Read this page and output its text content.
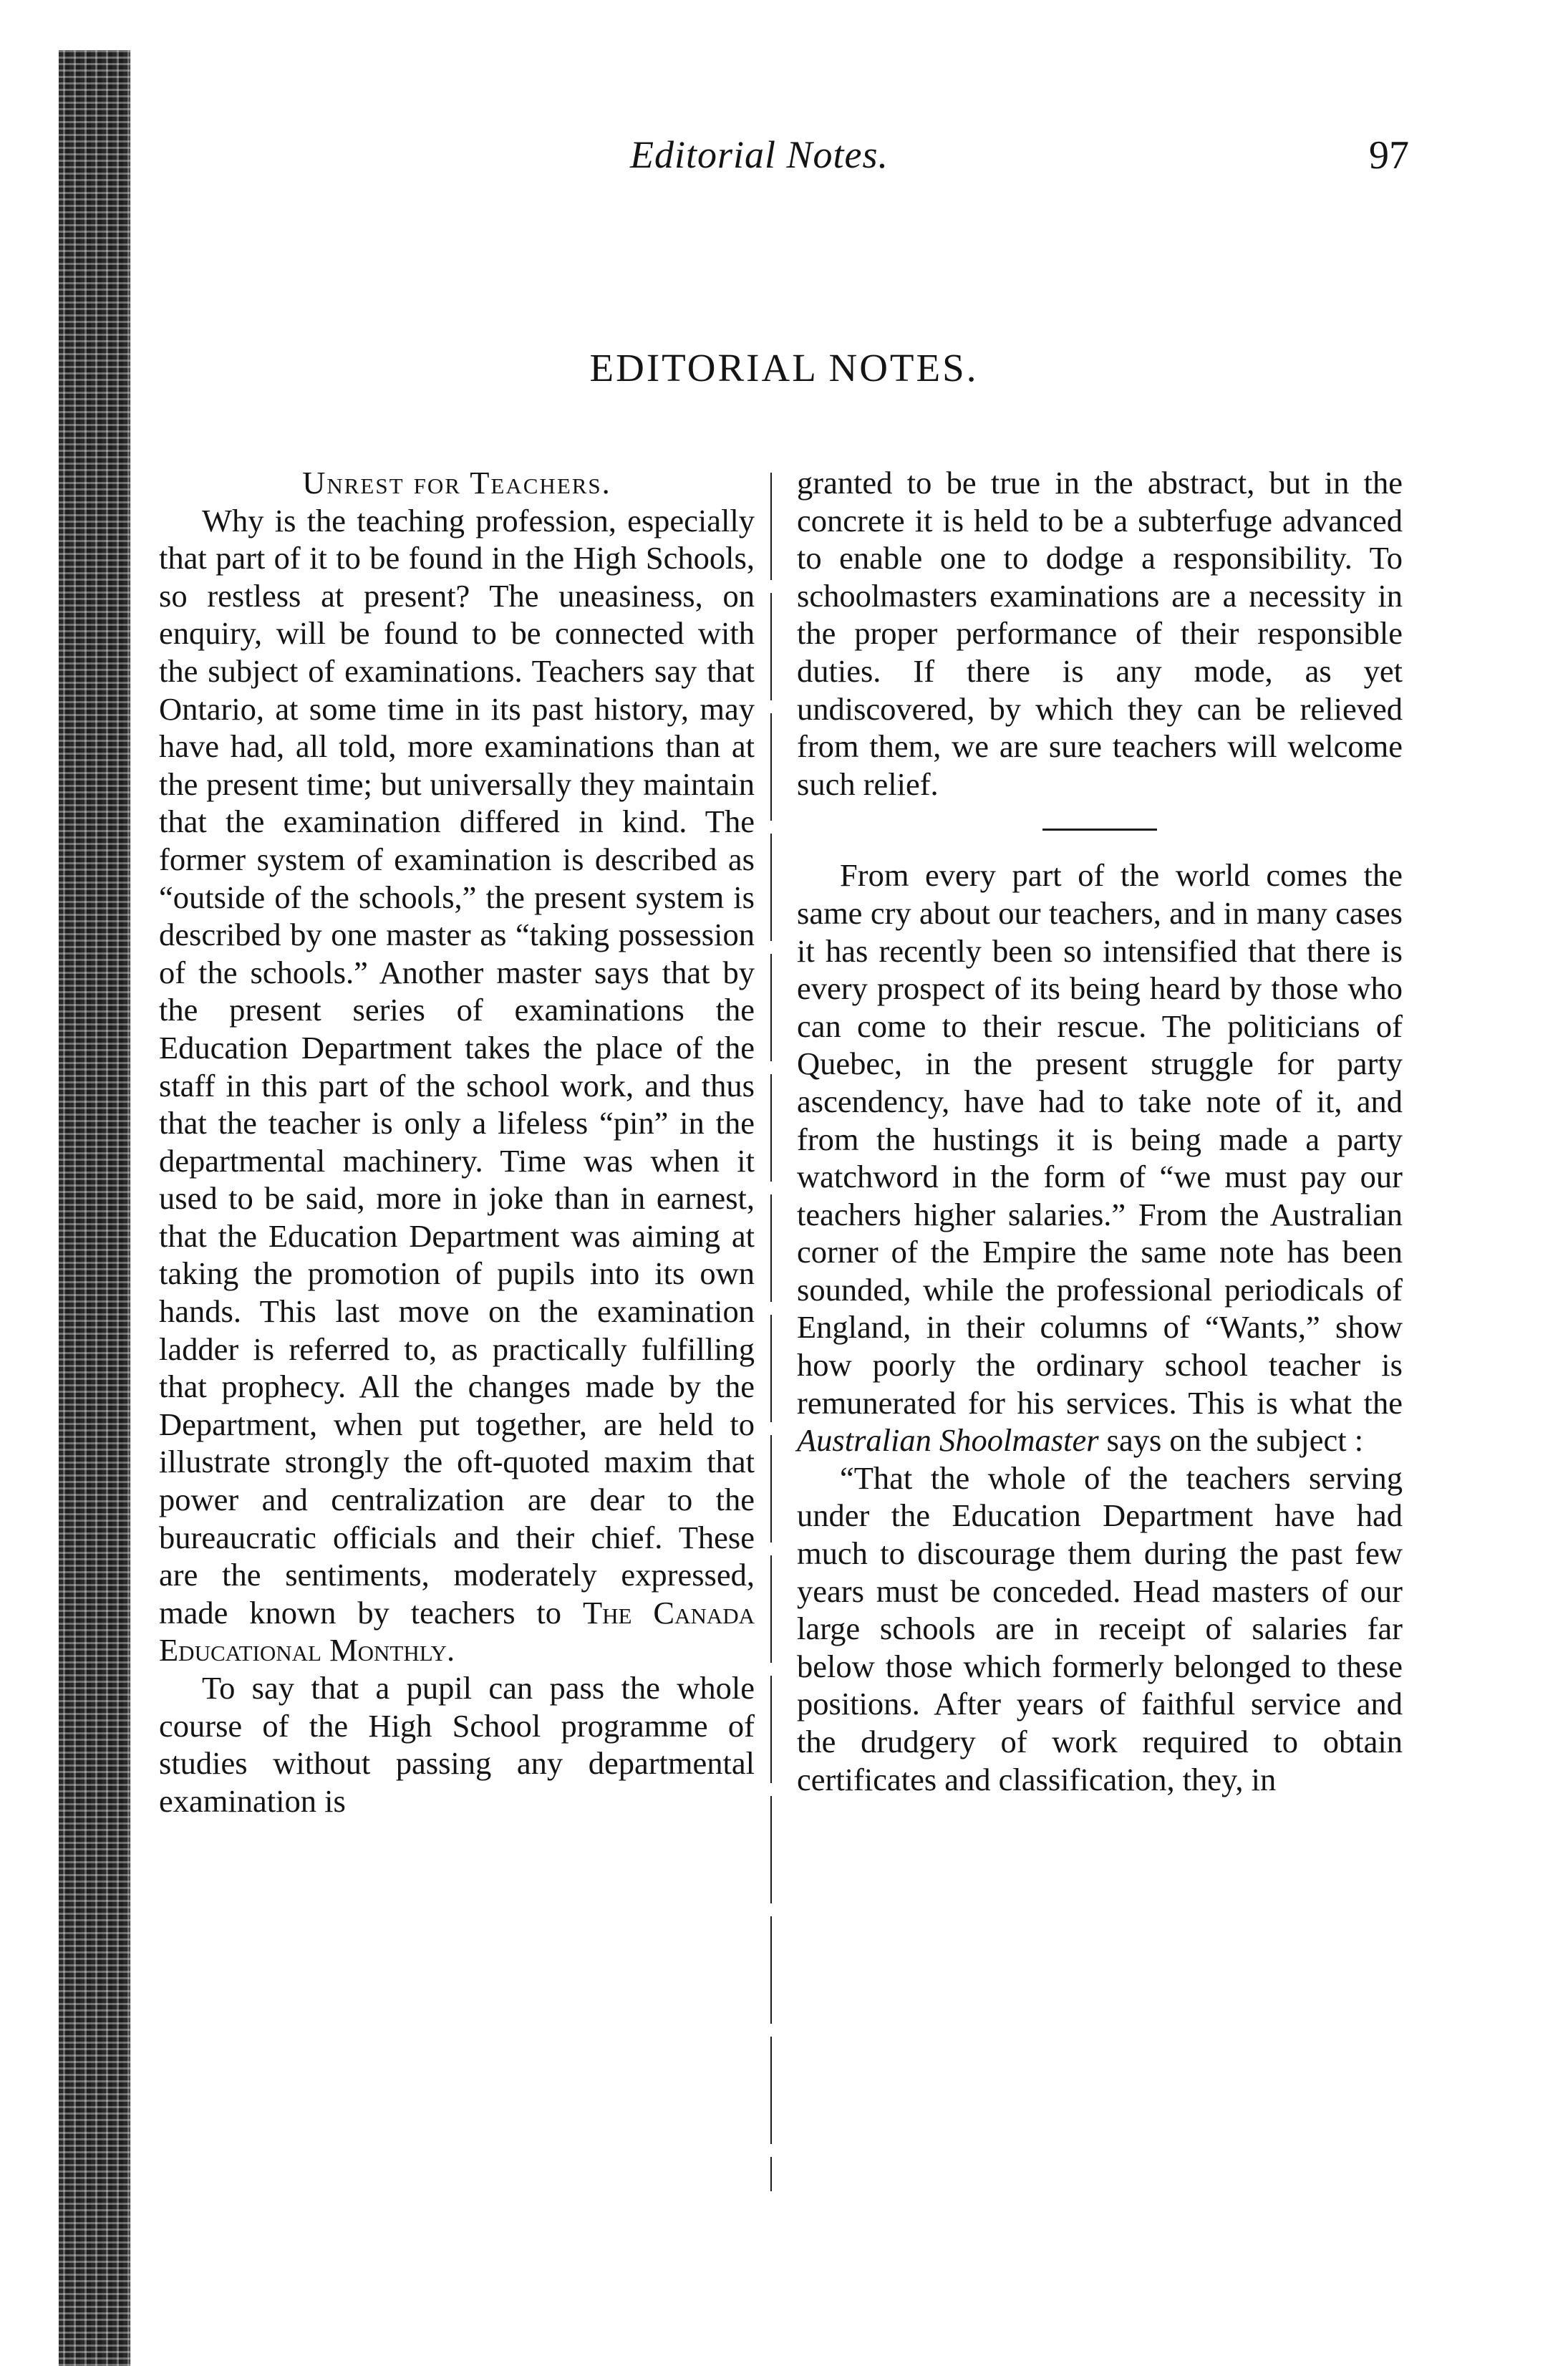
Editorial Notes.	97
EDITORIAL NOTES.
Unrest for Teachers.

Why is the teaching profession, especially that part of it to be found in the High Schools, so restless at present? The uneasiness, on enquiry, will be found to be connected with the subject of examinations. Teachers say that Ontario, at some time in its past history, may have had, all told, more examinations than at the present time; but universally they maintain that the examination differed in kind. The former system of examination is described as “outside of the schools,” the present system is described by one master as “taking possession of the schools.” Another master says that by the present series of examinations the Education Department takes the place of the staff in this part of the school work, and thus that the teacher is only a lifeless “pin” in the departmental machinery. Time was when it used to be said, more in joke than in earnest, that the Education Department was aiming at taking the promotion of pupils into its own hands. This last move on the examination ladder is referred to, as practically fulfilling that prophecy. All the changes made by the Department, when put together, are held to illustrate strongly the oft-quoted maxim that power and centralization are dear to the bureaucratic officials and their chief. These are the sentiments, moderately expressed, made known by teachers to The Canada Educational Monthly.

To say that a pupil can pass the whole course of the High School programme of studies without passing any departmental examination is

granted to be true in the abstract, but in the concrete it is held to be a subterfuge advanced to enable one to dodge a responsibility. To schoolmasters examinations are a necessity in the proper performance of their responsible duties. If there is any mode, as yet undiscovered, by which they can be relieved from them, we are sure teachers will welcome such relief.

From every part of the world comes the same cry about our teachers, and in many cases it has recently been so intensified that there is every prospect of its being heard by those who can come to their rescue. The politicians of Quebec, in the present struggle for party ascendency, have had to take note of it, and from the hustings it is being made a party watchword in the form of “we must pay our teachers higher salaries.” From the Australian corner of the Empire the same note has been sounded, while the professional periodicals of England, in their columns of “Wants,” show how poorly the ordinary school teacher is remunerated for his services. This is what the Australian Shoolmaster says on the subject :

“That the whole of the teachers serving under the Education Department have had much to discourage them during the past few years must be conceded. Head masters of our large schools are in receipt of salaries far below those which formerly belonged to these positions. After years of faithful service and the drudgery of work required to obtain certificates and classification, they, in
